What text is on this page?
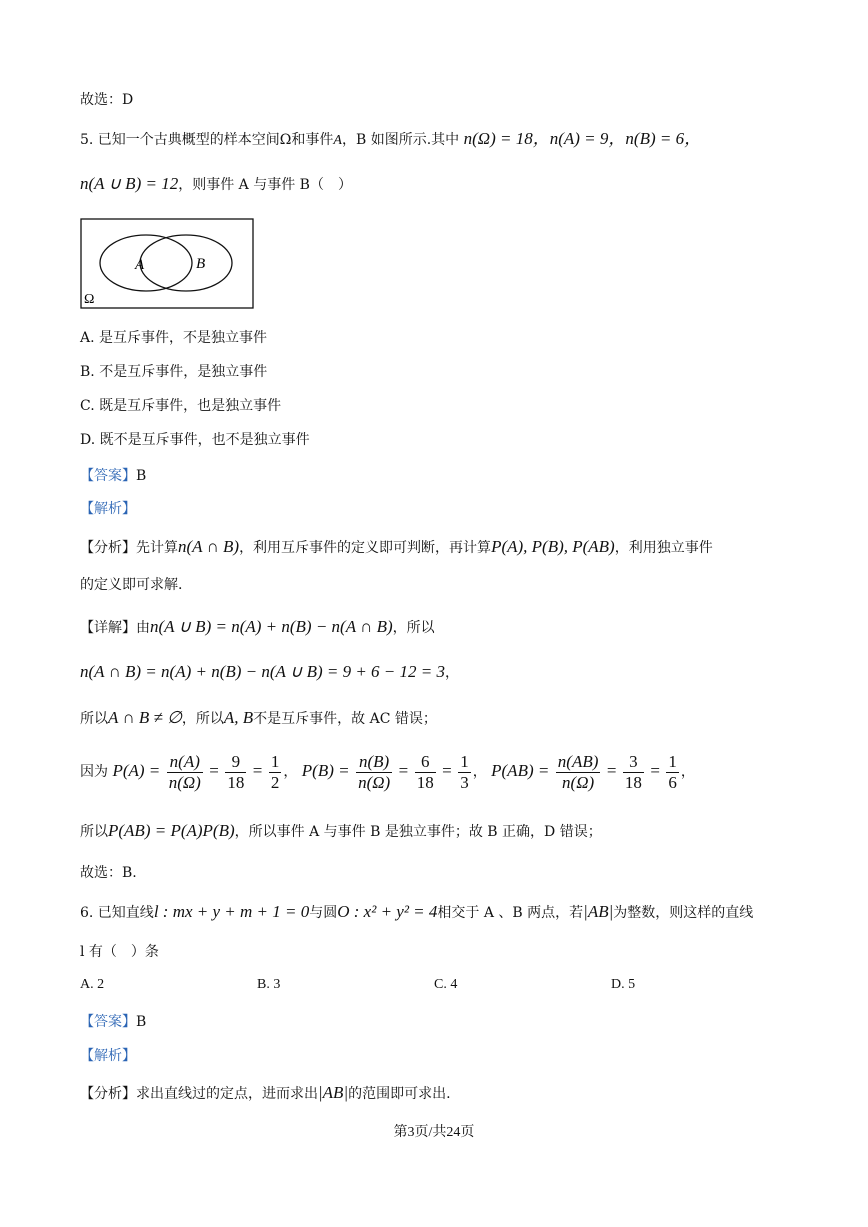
故选：D
5. 已知一个古典概型的样本空间Ω和事件A，B 如图所示.其中 n(Ω) = 18，n(A) = 9，n(B) = 6，
n(A ∪ B) = 12，则事件 A 与事件 B（　）
A	B
Ω
A. 是互斥事件，不是独立事件
B. 不是互斥事件，是独立事件
C. 既是互斥事件，也是独立事件
D. 既不是互斥事件，也不是独立事件
【答案】B
【解析】
【分析】先计算n(A ∩ B)，利用互斥事件的定义即可判断，再计算P(A), P(B), P(AB)，利用独立事件
的定义即可求解.
【详解】由n(A ∪ B) = n(A) + n(B) − n(A ∩ B)，所以
n(A ∩ B) = n(A) + n(B) − n(A ∪ B) = 9 + 6 − 12 = 3，
所以A ∩ B ≠ ∅，所以A, B不是互斥事件，故 AC 错误；
因为 $P(A) = \frac{n(A)}{n(\Omega)} = \frac{9}{18} = \frac{1}{2}$ ， $P(B) = \frac{n(B)}{n(\Omega)} = \frac{6}{18} = \frac{1}{3}$ ， $P(AB) = \frac{n(AB)}{n(\Omega)} = \frac{3}{18} = \frac{1}{6}$ ，
所以P(AB) = P(A)P(B)，所以事件 A 与事件 B 是独立事件；故 B 正确，D 错误；
故选：B.
6. 已知直线l : mx + y + m + 1 = 0与圆O : x² + y² = 4相交于 A 、B 两点，若|AB|为整数，则这样的直线
l 有（　）条
A. 2	B. 3	C. 4	D. 5
【答案】B
【解析】
【分析】求出直线过的定点，进而求出|AB|的范围即可求出.
第3页/共24页
